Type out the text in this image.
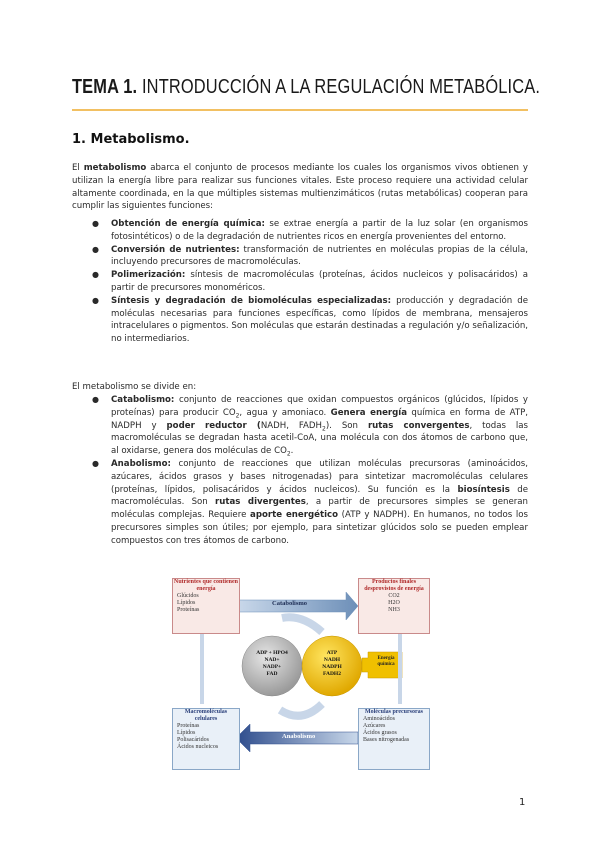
TEMA 1. INTRODUCCIÓN A LA REGULACIÓN METABÓLICA.
1. Metabolismo.
El metabolismo abarca el conjunto de procesos mediante los cuales los organismos vivos obtienen y utilizan la energía libre para realizar sus funciones vitales. Este proceso requiere una actividad celular altamente coordinada, en la que múltiples sistemas multienzimáticos (rutas metabólicas) cooperan para cumplir las siguientes funciones:
● Obtención de energía química: se extrae energía a partir de la luz solar (en organismos fotosintéticos) o de la degradación de nutrientes ricos en energía provenientes del entorno.
● Conversión de nutrientes: transformación de nutrientes en moléculas propias de la célula, incluyendo precursores de macromoléculas.
● Polimerización: síntesis de macromoléculas (proteínas, ácidos nucleicos y polisacáridos) a partir de precursores monoméricos.
● Síntesis y degradación de biomoléculas especializadas: producción y degradación de moléculas necesarias para funciones específicas, como lípidos de membrana, mensajeros intracelulares o pigmentos. Son moléculas que estarán destinadas a regulación y/o señalización, no intermediarios.
El metabolismo se divide en:
● Catabolismo: conjunto de reacciones que oxidan compuestos orgánicos (glúcidos, lípidos y proteínas) para producir $CO_2$, agua y amoniaco. Genera energía química en forma de ATP, NADPH y poder reductor (NADH, $FADH_2$). Son rutas convergentes, todas las macromoléculas se degradan hasta acetil-CoA, una molécula con dos átomos de carbono que, al oxidarse, genera dos moléculas de $CO_2$.
● Anabolismo: conjunto de reacciones que utilizan moléculas precursoras (aminoácidos, azúcares, ácidos grasos y bases nitrogenadas) para sintetizar macromoléculas celulares (proteínas, lípidos, polisacáridos y ácidos nucleicos). Su función es la biosíntesis de macromoléculas. Son rutas divergentes, a partir de precursores simples se generan moléculas complejas. Requiere aporte energético (ATP y NADPH). En humanos, no todos los precursores simples son útiles; por ejemplo, para sintetizar glúcidos solo se pueden emplear compuestos con tres átomos de carbono.
Nutrientes que contienen energía
Glúcidos
Lípidos
Proteínas
Productos finales desprovistos de energía
CO2
H2O
NH3
Macromoléculas celulares
Proteínas
Lípidos
Polisacáridos
Ácidos nucleicos
Moléculas precursoras
Aminoácidos
Azúcares
Ácidos grasos
Bases nitrogenadas
Catabolismo
Anabolismo
ADP + HPO4
NAD+
NADP+
FAD
ATP
NADH
NADPH
FADH2
Energía química
1
